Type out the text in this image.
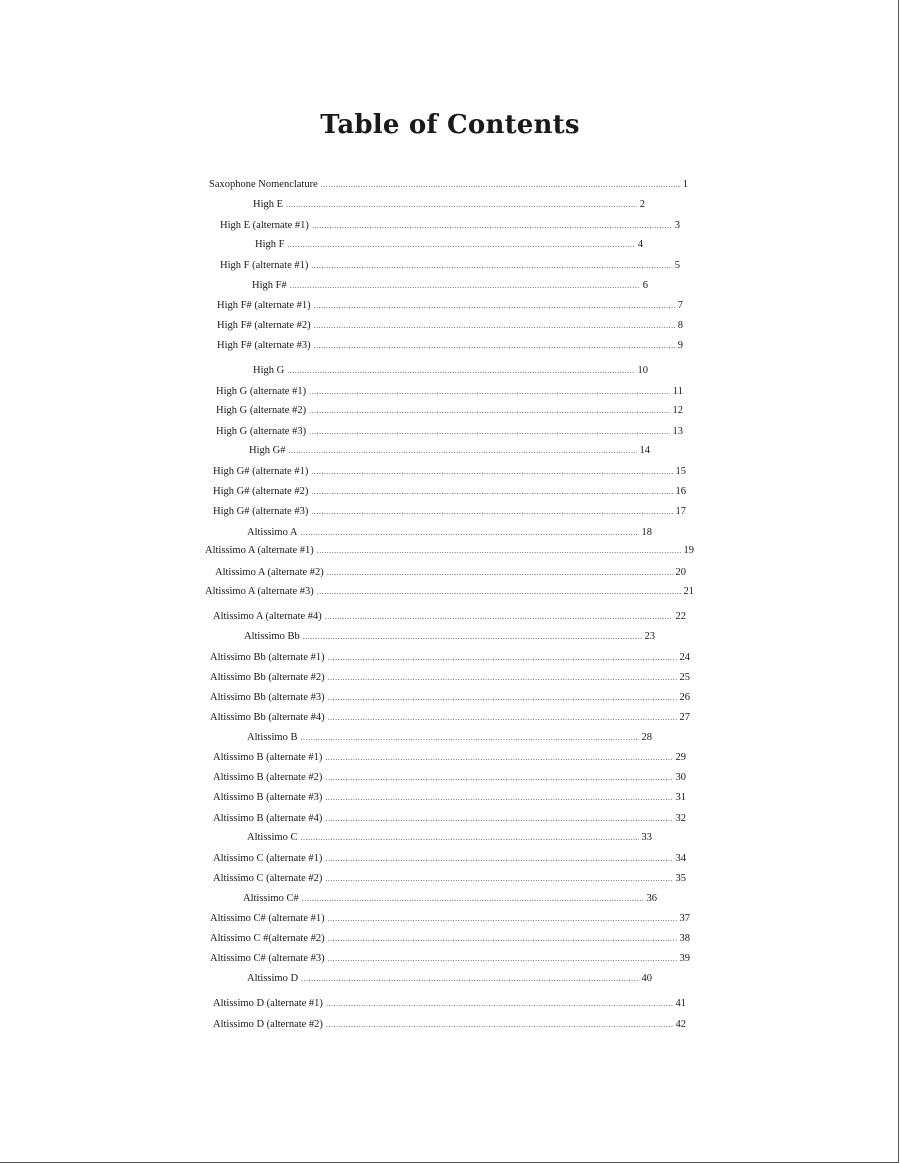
Table of Contents
Saxophone Nomenclature .....	1
High E .....	2
High E (alternate #1) .....	3
High F .....	4
High F (alternate #1) .....	5
High F# .....	6
High F# (alternate #1) .....	7
High F# (alternate #2) .....	8
High F# (alternate #3) .....	9
High G .....	10
High G (alternate #1) .....	11
High G (alternate #2) .....	12
High G (alternate #3) .....	13
High G# .....	14
High G# (alternate #1) .....	15
High G# (alternate #2) .....	16
High G# (alternate #3) .....	17
Altissimo A .....	18
Altissimo A (alternate #1) .....	19
Altissimo A (alternate #2) .....	20
Altissimo A (alternate #3) .....	21
Altissimo A (alternate #4) .....	22
Altissimo Bb .....	23
Altissimo Bb (alternate #1) .....	24
Altissimo Bb (alternate #2) .....	25
Altissimo Bb (alternate #3) .....	26
Altissimo Bb (alternate #4) .....	27
Altissimo B .....	28
Altissimo B (alternate #1) .....	29
Altissimo B (alternate #2) .....	30
Altissimo B (alternate #3) .....	31
Altissimo B (alternate #4) .....	32
Altissimo C .....	33
Altissimo C (alternate #1) .....	34
Altissimo C (alternate #2) .....	35
Altissimo C# .....	36
Altissimo C# (alternate #1) .....	37
Altissimo C #(alternate #2) .....	38
Altissimo C# (alternate #3) .....	39
Altissimo D .....	40
Altissimo D (alternate #1) .....	41
Altissimo D (alternate #2) .....	42
